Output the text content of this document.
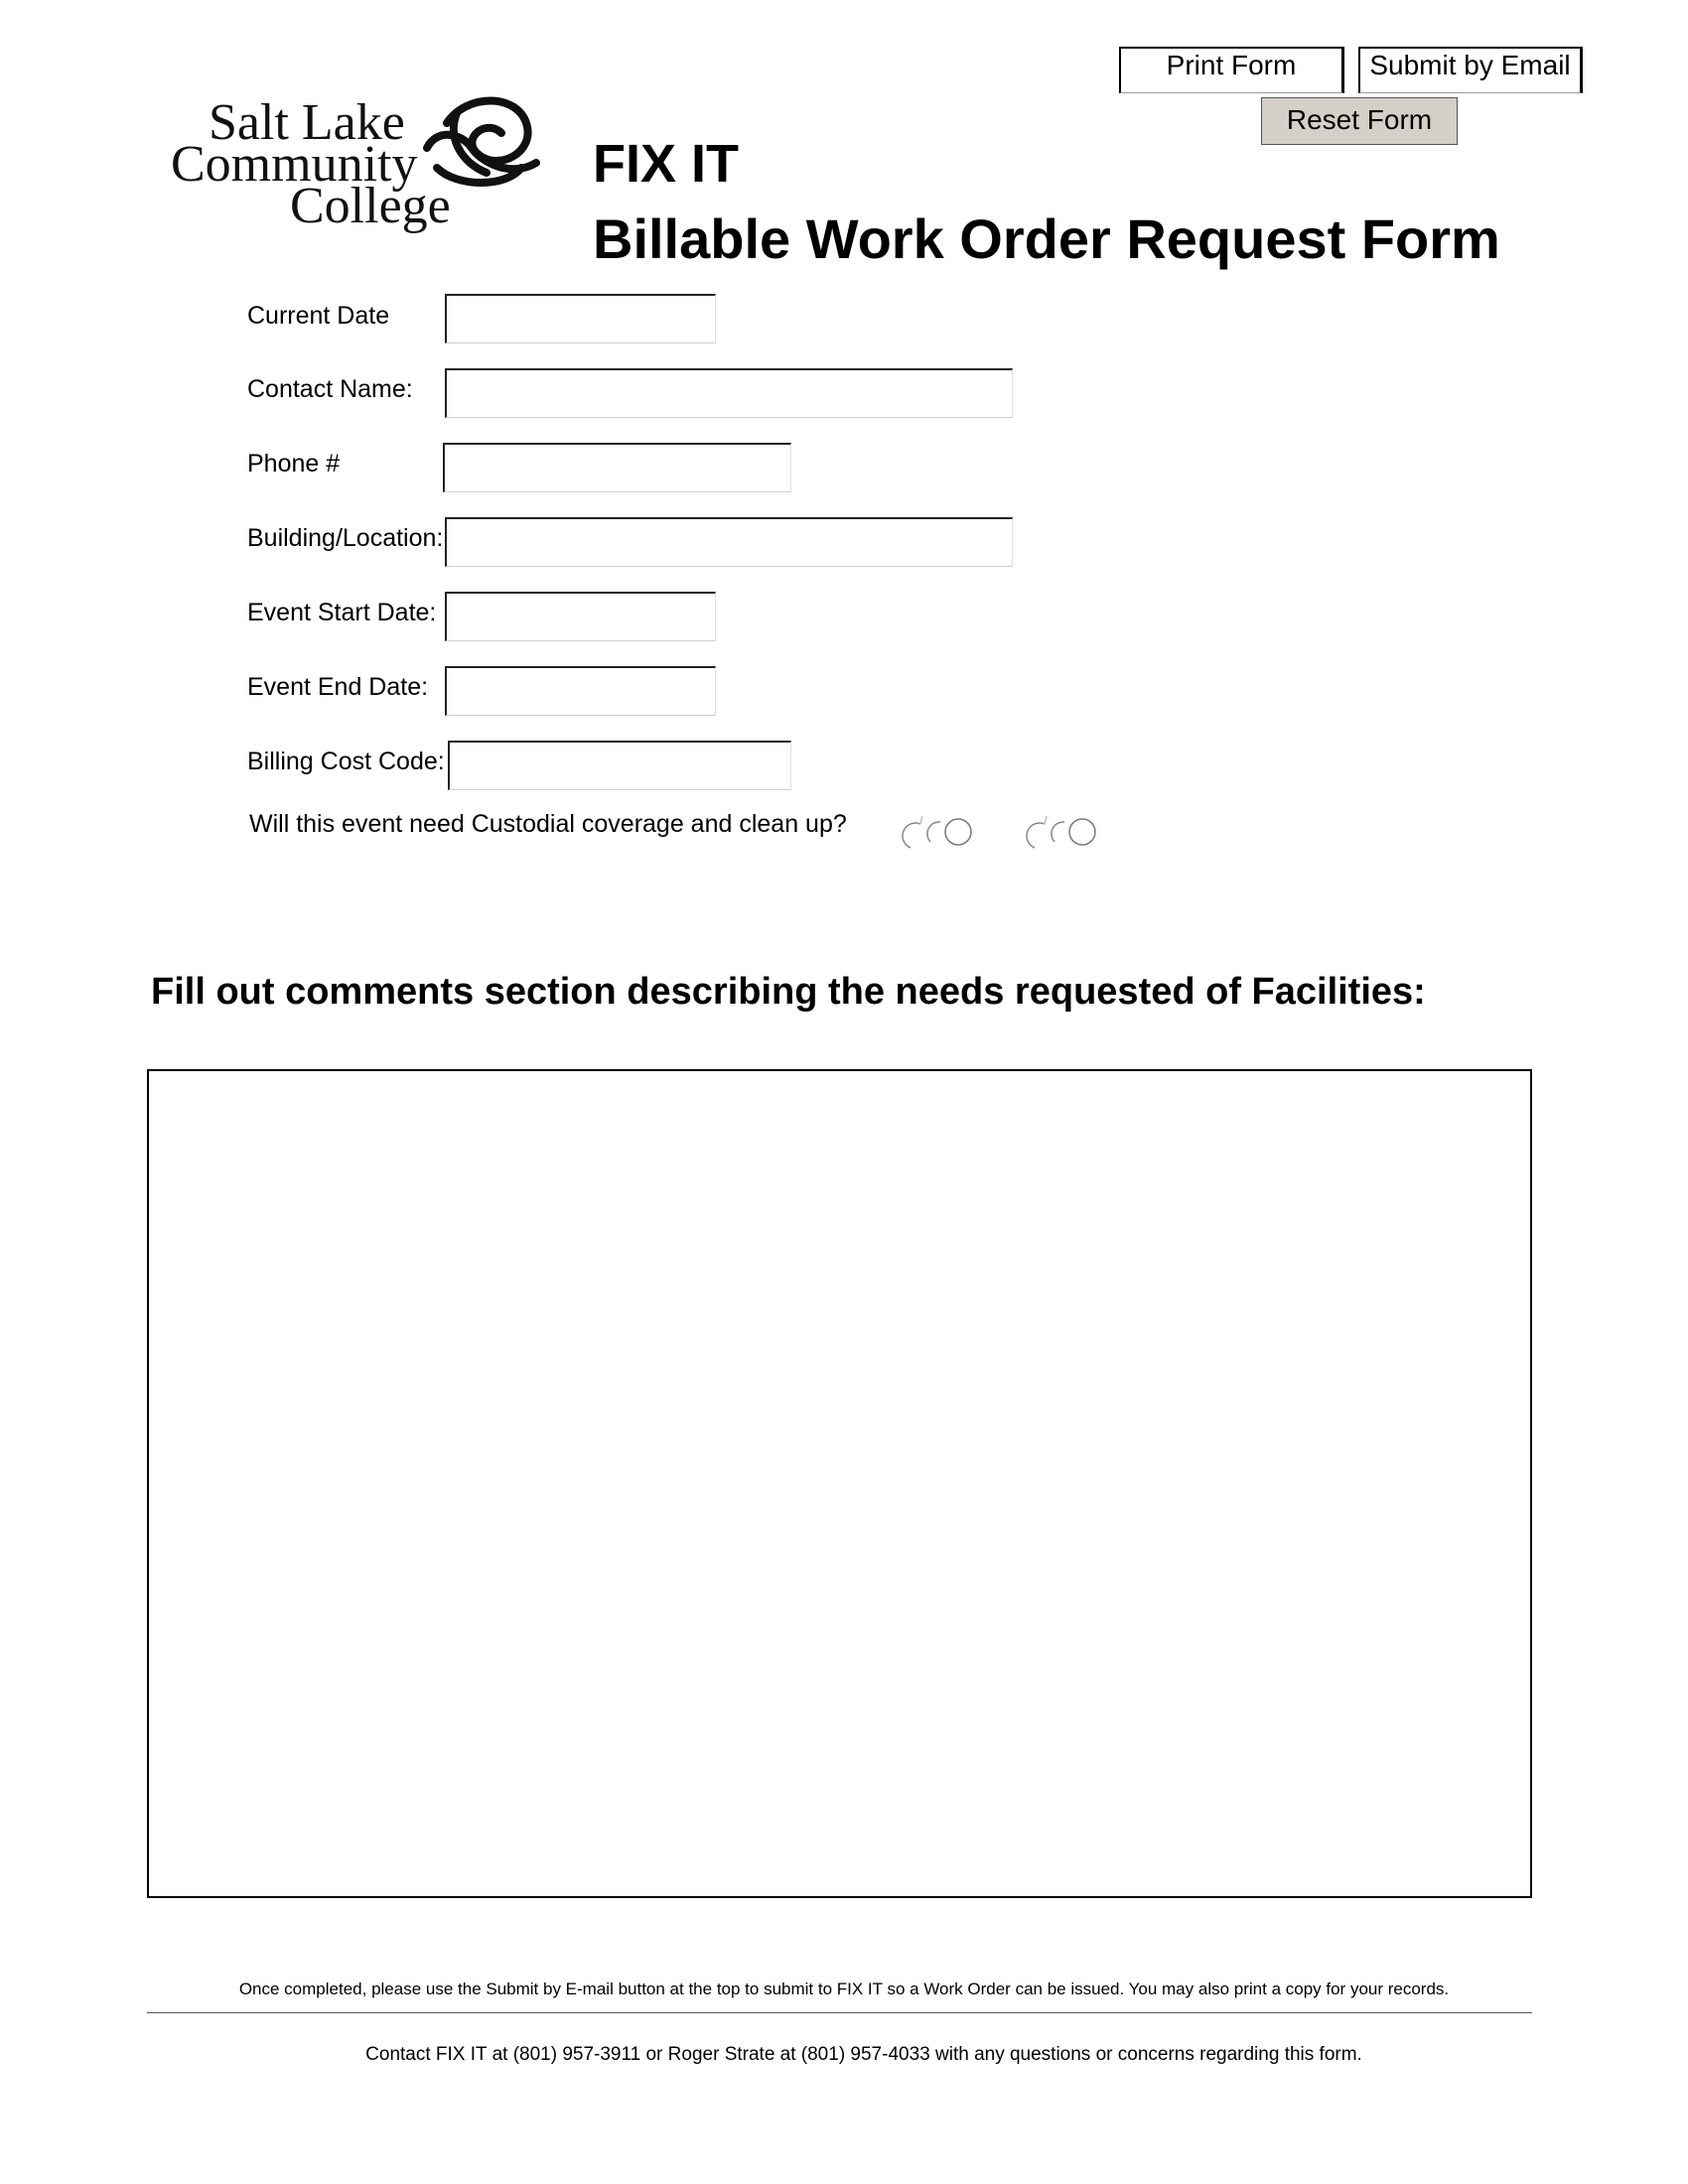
Print Form	Submit by Email
Reset Form
Salt Lake
Community
College
FIX IT
Billable Work Order Request Form
Current Date
Contact Name:
Phone #
Building/Location:
Event Start Date:
Event End Date:
Billing Cost Code:
Will this event need Custodial coverage and clean up?
Fill out comments section describing the needs requested of Facilities:
Once completed, please use the Submit by E-mail button at the top to submit to FIX IT so a Work Order can be issued. You may also print a copy for your records.
Contact FIX IT at (801) 957-3911 or Roger Strate at (801) 957-4033 with any questions or concerns regarding this form.
